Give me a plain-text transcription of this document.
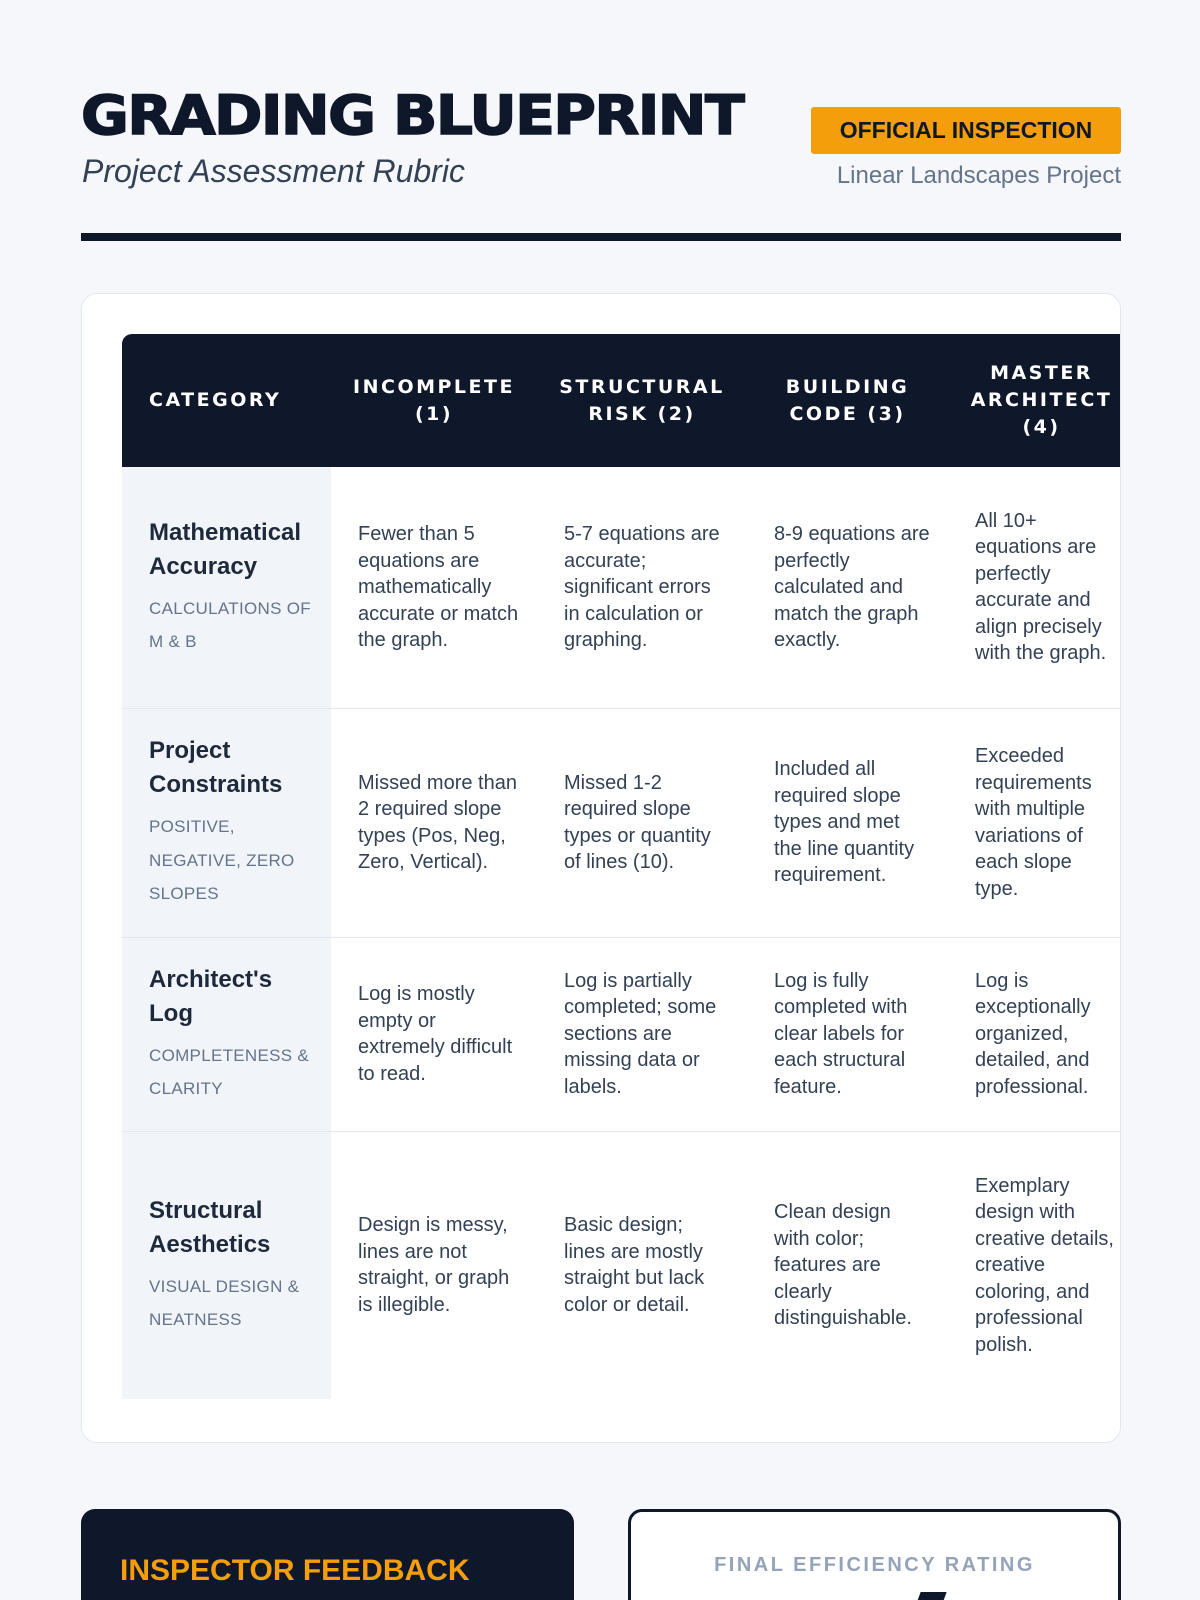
GRADING BLUEPRINT
Project Assessment Rubric
OFFICIAL INSPECTION
Linear Landscapes Project
CATEGORY	INCOMPLETE (1)	STRUCTURAL RISK (2)	BUILDING CODE (3)	MASTER ARCHITECT (4)

Mathematical Accuracy
CALCULATIONS OF M & B	Fewer than 5 equations are mathematically accurate or match the graph.	5-7 equations are accurate; significant errors in calculation or graphing.	8-9 equations are perfectly calculated and match the graph exactly.	All 10+ equations are perfectly accurate and align precisely with the graph.

Project Constraints
POSITIVE, NEGATIVE, ZERO SLOPES	Missed more than 2 required slope types (Pos, Neg, Zero, Vertical).	Missed 1-2 required slope types or quantity of lines (10).	Included all required slope types and met the line quantity requirement.	Exceeded requirements with multiple variations of each slope type.

Architect's Log
COMPLETENESS & CLARITY	Log is mostly empty or extremely difficult to read.	Log is partially completed; some sections are missing data or labels.	Log is fully completed with clear labels for each structural feature.	Log is exceptionally organized, detailed, and professional.

Structural Aesthetics
VISUAL DESIGN & NEATNESS	Design is messy, lines are not straight, or graph is illegible.	Basic design; lines are mostly straight but lack color or detail.	Clean design with color; features are clearly distinguishable.	Exemplary design with creative details, creative coloring, and professional polish.
INSPECTOR FEEDBACK	FINAL EFFICIENCY RATING
